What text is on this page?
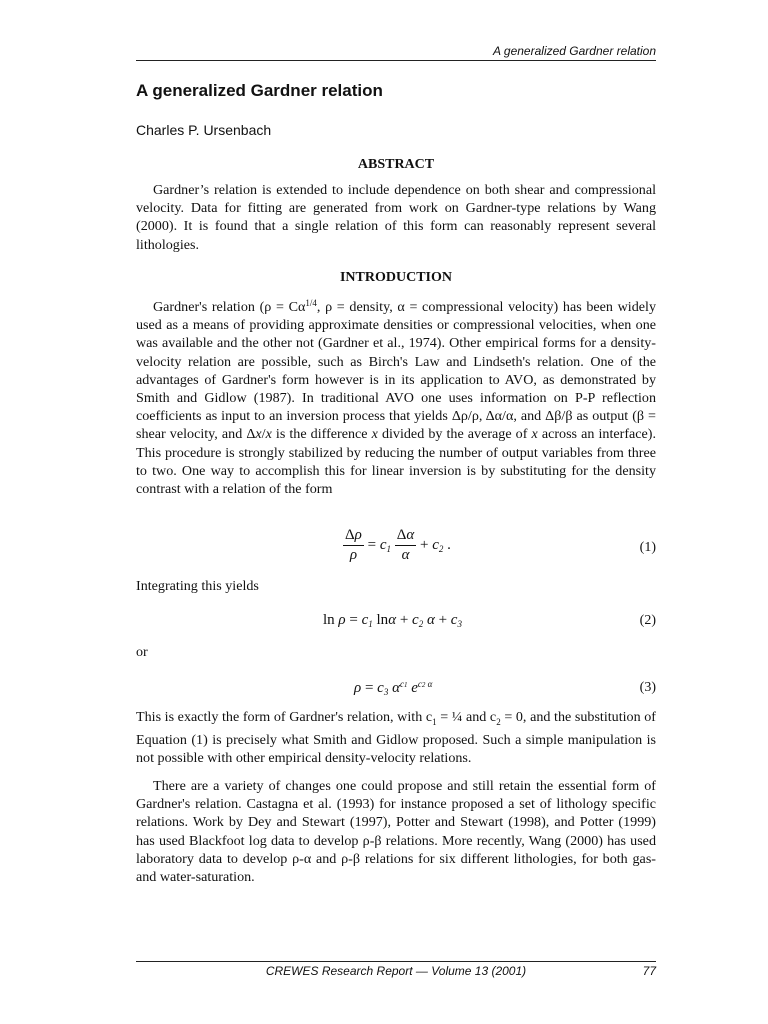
A generalized Gardner relation
A generalized Gardner relation
Charles P. Ursenbach
ABSTRACT
Gardner’s relation is extended to include dependence on both shear and compressional velocity. Data for fitting are generated from work on Gardner-type relations by Wang (2000). It is found that a single relation of this form can reasonably represent several lithologies.
INTRODUCTION
Gardner's relation ($\rho = C\alpha^{1/4}$, ρ = density, α = compressional velocity) has been widely used as a means of providing approximate densities or compressional velocities, when one was available and the other not (Gardner et al., 1974). Other empirical forms for a density-velocity relation are possible, such as Birch's Law and Lindseth's relation. One of the advantages of Gardner's form however is in its application to AVO, as demonstrated by Smith and Gidlow (1987). In traditional AVO one uses information on P-P reflection coefficients as input to an inversion process that yields Δρ/ρ, Δα/α, and Δβ/β as output (β = shear velocity, and Δx/x is the difference x divided by the average of x across an interface). This procedure is strongly stabilized by reducing the number of output variables from three to two. One way to accomplish this for linear inversion is by substituting for the density contrast with a relation of the form
$\frac{\Delta\rho}{\rho} = c_1 \frac{\Delta\alpha}{\alpha} + c_2$ .	(1)
Integrating this yields
$\ln \rho = c_1$ $\ln\alpha + c_2$ $\alpha + c_3$	(2)
or
$\rho = c_3$ $\alpha^{c1}$ $e^{c2 \alpha}$	(3)
This is exactly the form of Gardner's relation, with $c_1$ = ¼ and $c_2 = 0$, and the substitution of Equation (1) is precisely what Smith and Gidlow proposed. Such a simple manipulation is not possible with other empirical density-velocity relations.
There are a variety of changes one could propose and still retain the essential form of Gardner's relation. Castagna et al. (1993) for instance proposed a set of lithology specific relations. Work by Dey and Stewart (1997), Potter and Stewart (1998), and Potter (1999) has used Blackfoot log data to develop ρ-β relations. More recently, Wang (2000) has used laboratory data to develop ρ-α and ρ-β relations for six different lithologies, for both gas- and water-saturation.
CREWES Research Report — Volume 13 (2001)	77
